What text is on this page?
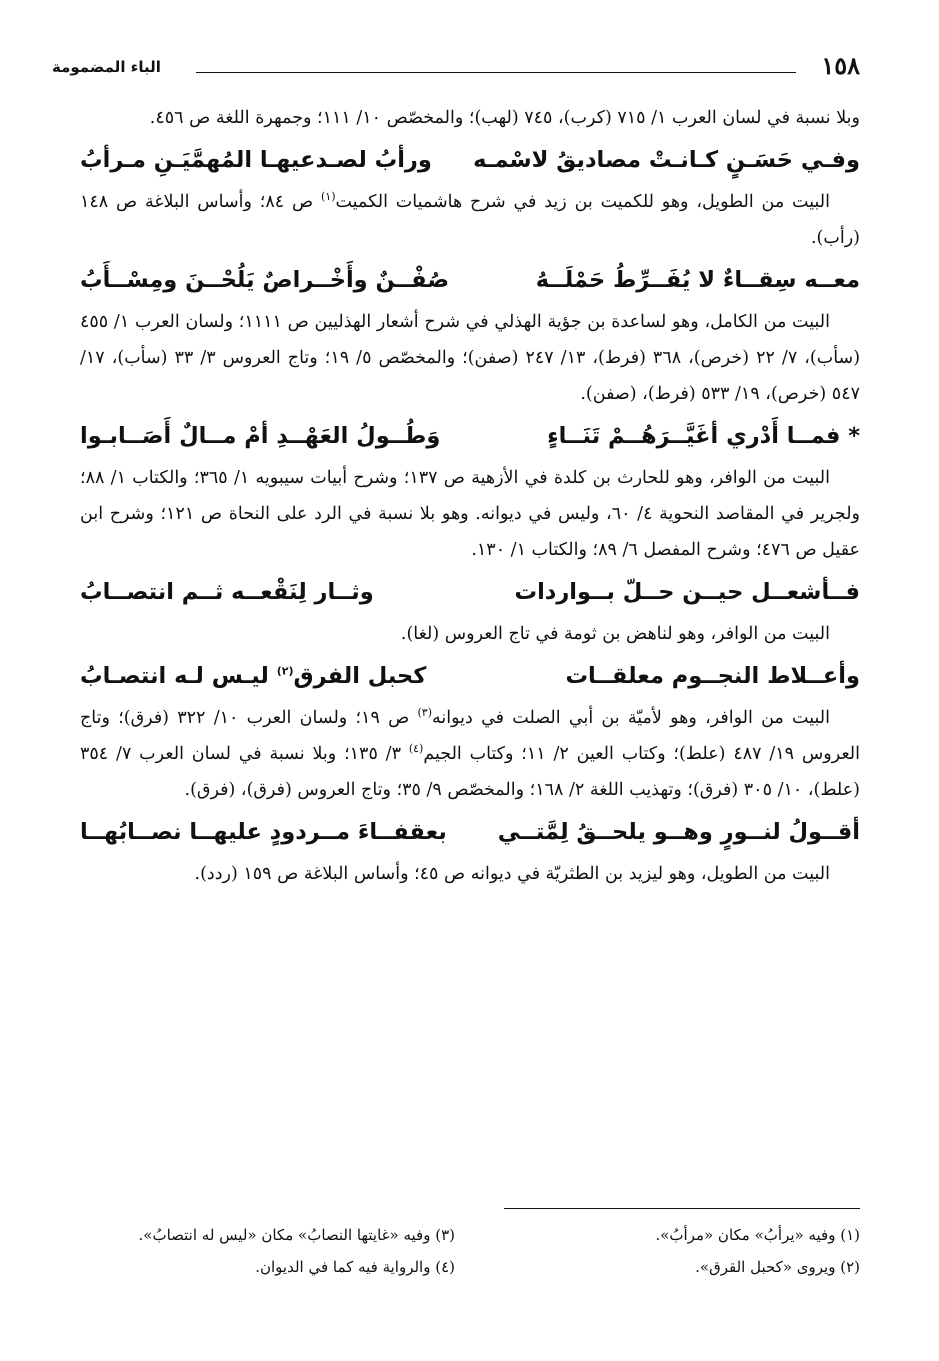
١٥٨
الباء المضمومة

وبلا نسبة في لسان العرب ١/ ٧١٥ (كرب)، ٧٤٥ (لهب)؛ والمخصّص ١٠/ ١١١؛ وجمهرة اللغة ص ٤٥٦.

وفـي حَسَـنٍ كـانـتْ مصاديقُ لاسْمـه
ورأبُ لصـدعيهـا المُهمَّيَـنِ مـرأبُ

البيت من الطويل، وهو للكميت بن زيد في شرح هاشميات الكميت$^{(١)}$ ص ٨٤؛ وأساس البلاغة ص ١٤٨ (رأب).

معــه سِقــاءٌ لا يُفَــرِّطُ حَمْلَــهُ
صُفْــنٌ وأَخْــراصٌ يَلُحْــنَ ومِسْــأَبُ

البيت من الكامل، وهو لساعدة بن جؤية الهذلي في شرح أشعار الهذليين ص ١١١١؛ ولسان العرب ١/ ٤٥٥ (سأب)، ٧/ ٢٢ (خرص)، ٣٦٨ (فرط)، ١٣/ ٢٤٧ (صفن)؛ والمخصّص ٥/ ١٩؛ وتاج العروس ٣/ ٣٣ (سأب)، ١٧/ ٥٤٧ (خرص)، ١٩/ ٥٣٣ (فرط)، (صفن).

* فمــا أَدْري أغَيَّــرَهُــمْ تَنَــاءٍ
وَطُــولُ العَهْــدِ أمْ مــالٌ أَصَــابـوا

البيت من الوافر، وهو للحارث بن كلدة في الأزهية ص ١٣٧؛ وشرح أبيات سيبويه ١/ ٣٦٥؛ والكتاب ١/ ٨٨؛ ولجرير في المقاصد النحوية ٤/ ٦٠، وليس في ديوانه. وهو بلا نسبة في الرد على النحاة ص ١٢١؛ وشرح ابن عقيل ص ٤٧٦؛ وشرح المفصل ٦/ ٨٩؛ والكتاب ١/ ١٣٠.

فــأشعــل حيــن حــلّ بــواردات
وثــار لِنَقْعــه ثــم انتصــابُ

البيت من الوافر، وهو لناهض بن ثومة في تاج العروس (لغا).

وأعــلاط النجــوم معلقــات
كحبل الفرق$^{(٢)}$ ليـس لـه انتصـابُ

البيت من الوافر، وهو لأميّة بن أبي الصلت في ديوانه$^{(٣)}$ ص ١٩؛ ولسان العرب ١٠/ ٣٢٢ (فرق)؛ وتاج العروس ١٩/ ٤٨٧ (علط)؛ وكتاب العين ٢/ ١١؛ وكتاب الجيم$^{(٤)}$ ٣/ ١٣٥؛ وبلا نسبة في لسان العرب ٧/ ٣٥٤ (علط)، ١٠/ ٣٠٥ (فرق)؛ وتهذيب اللغة ٢/ ١٦٨؛ والمخصّص ٩/ ٣٥؛ وتاج العروس (فرق)، (فرق).

أقــولُ لنــورٍ وهــو يلحــقُ لِمَّتــي
بعقفــاءَ مــردودٍ عليهــا نصــابُهــا

البيت من الطويل، وهو ليزيد بن الطثريّة في ديوانه ص ٤٥؛ وأساس البلاغة ص ١٥٩ (ردد).

(١) وفيه «يرأبُ» مكان «مرأبُ».
(٣) وفيه «غايتها النصابُ» مكان «ليس له انتصابُ».
(٢) ويروى «كحبل القرق».
(٤) والرواية فيه كما في الديوان.
